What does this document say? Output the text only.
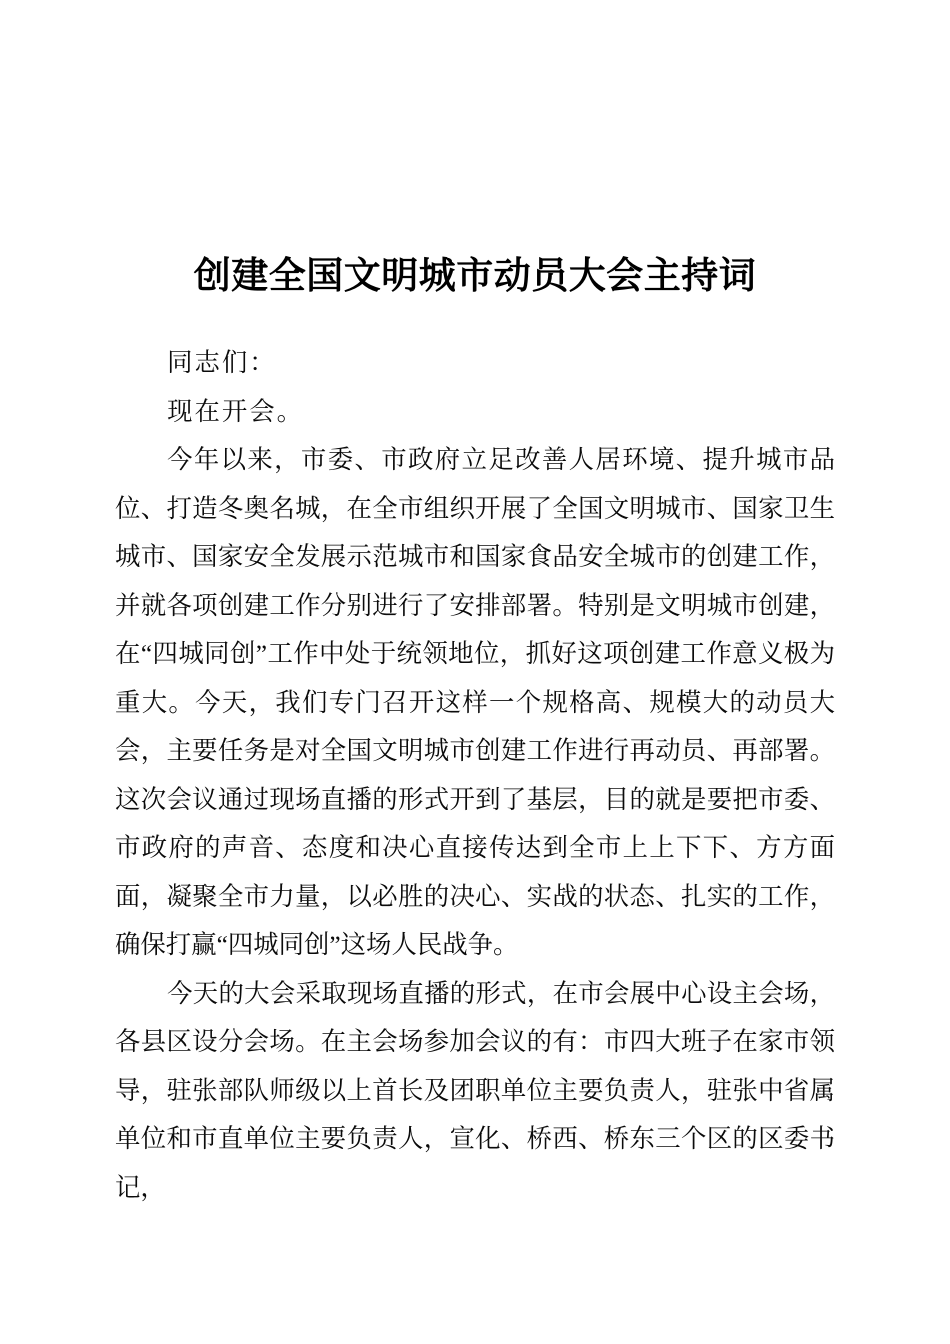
创建全国文明城市动员大会主持词

同志们：

现在开会。

今年以来，市委、市政府立足改善人居环境、提升城市品位、打造冬奥名城，在全市组织开展了全国文明城市、国家卫生城市、国家安全发展示范城市和国家食品安全城市的创建工作，并就各项创建工作分别进行了安排部署。特别是文明城市创建，在“四城同创”工作中处于统领地位，抓好这项创建工作意义极为重大。今天，我们专门召开这样一个规格高、规模大的动员大会，主要任务是对全国文明城市创建工作进行再动员、再部署。这次会议通过现场直播的形式开到了基层，目的就是要把市委、市政府的声音、态度和决心直接传达到全市上上下下、方方面面，凝聚全市力量，以必胜的决心、实战的状态、扎实的工作，确保打赢“四城同创”这场人民战争。

今天的大会采取现场直播的形式，在市会展中心设主会场，各县区设分会场。在主会场参加会议的有：市四大班子在家市领导，驻张部队师级以上首长及团职单位主要负责人，驻张中省属单位和市直单位主要负责人，宣化、桥西、桥东三个区的区委书记，
